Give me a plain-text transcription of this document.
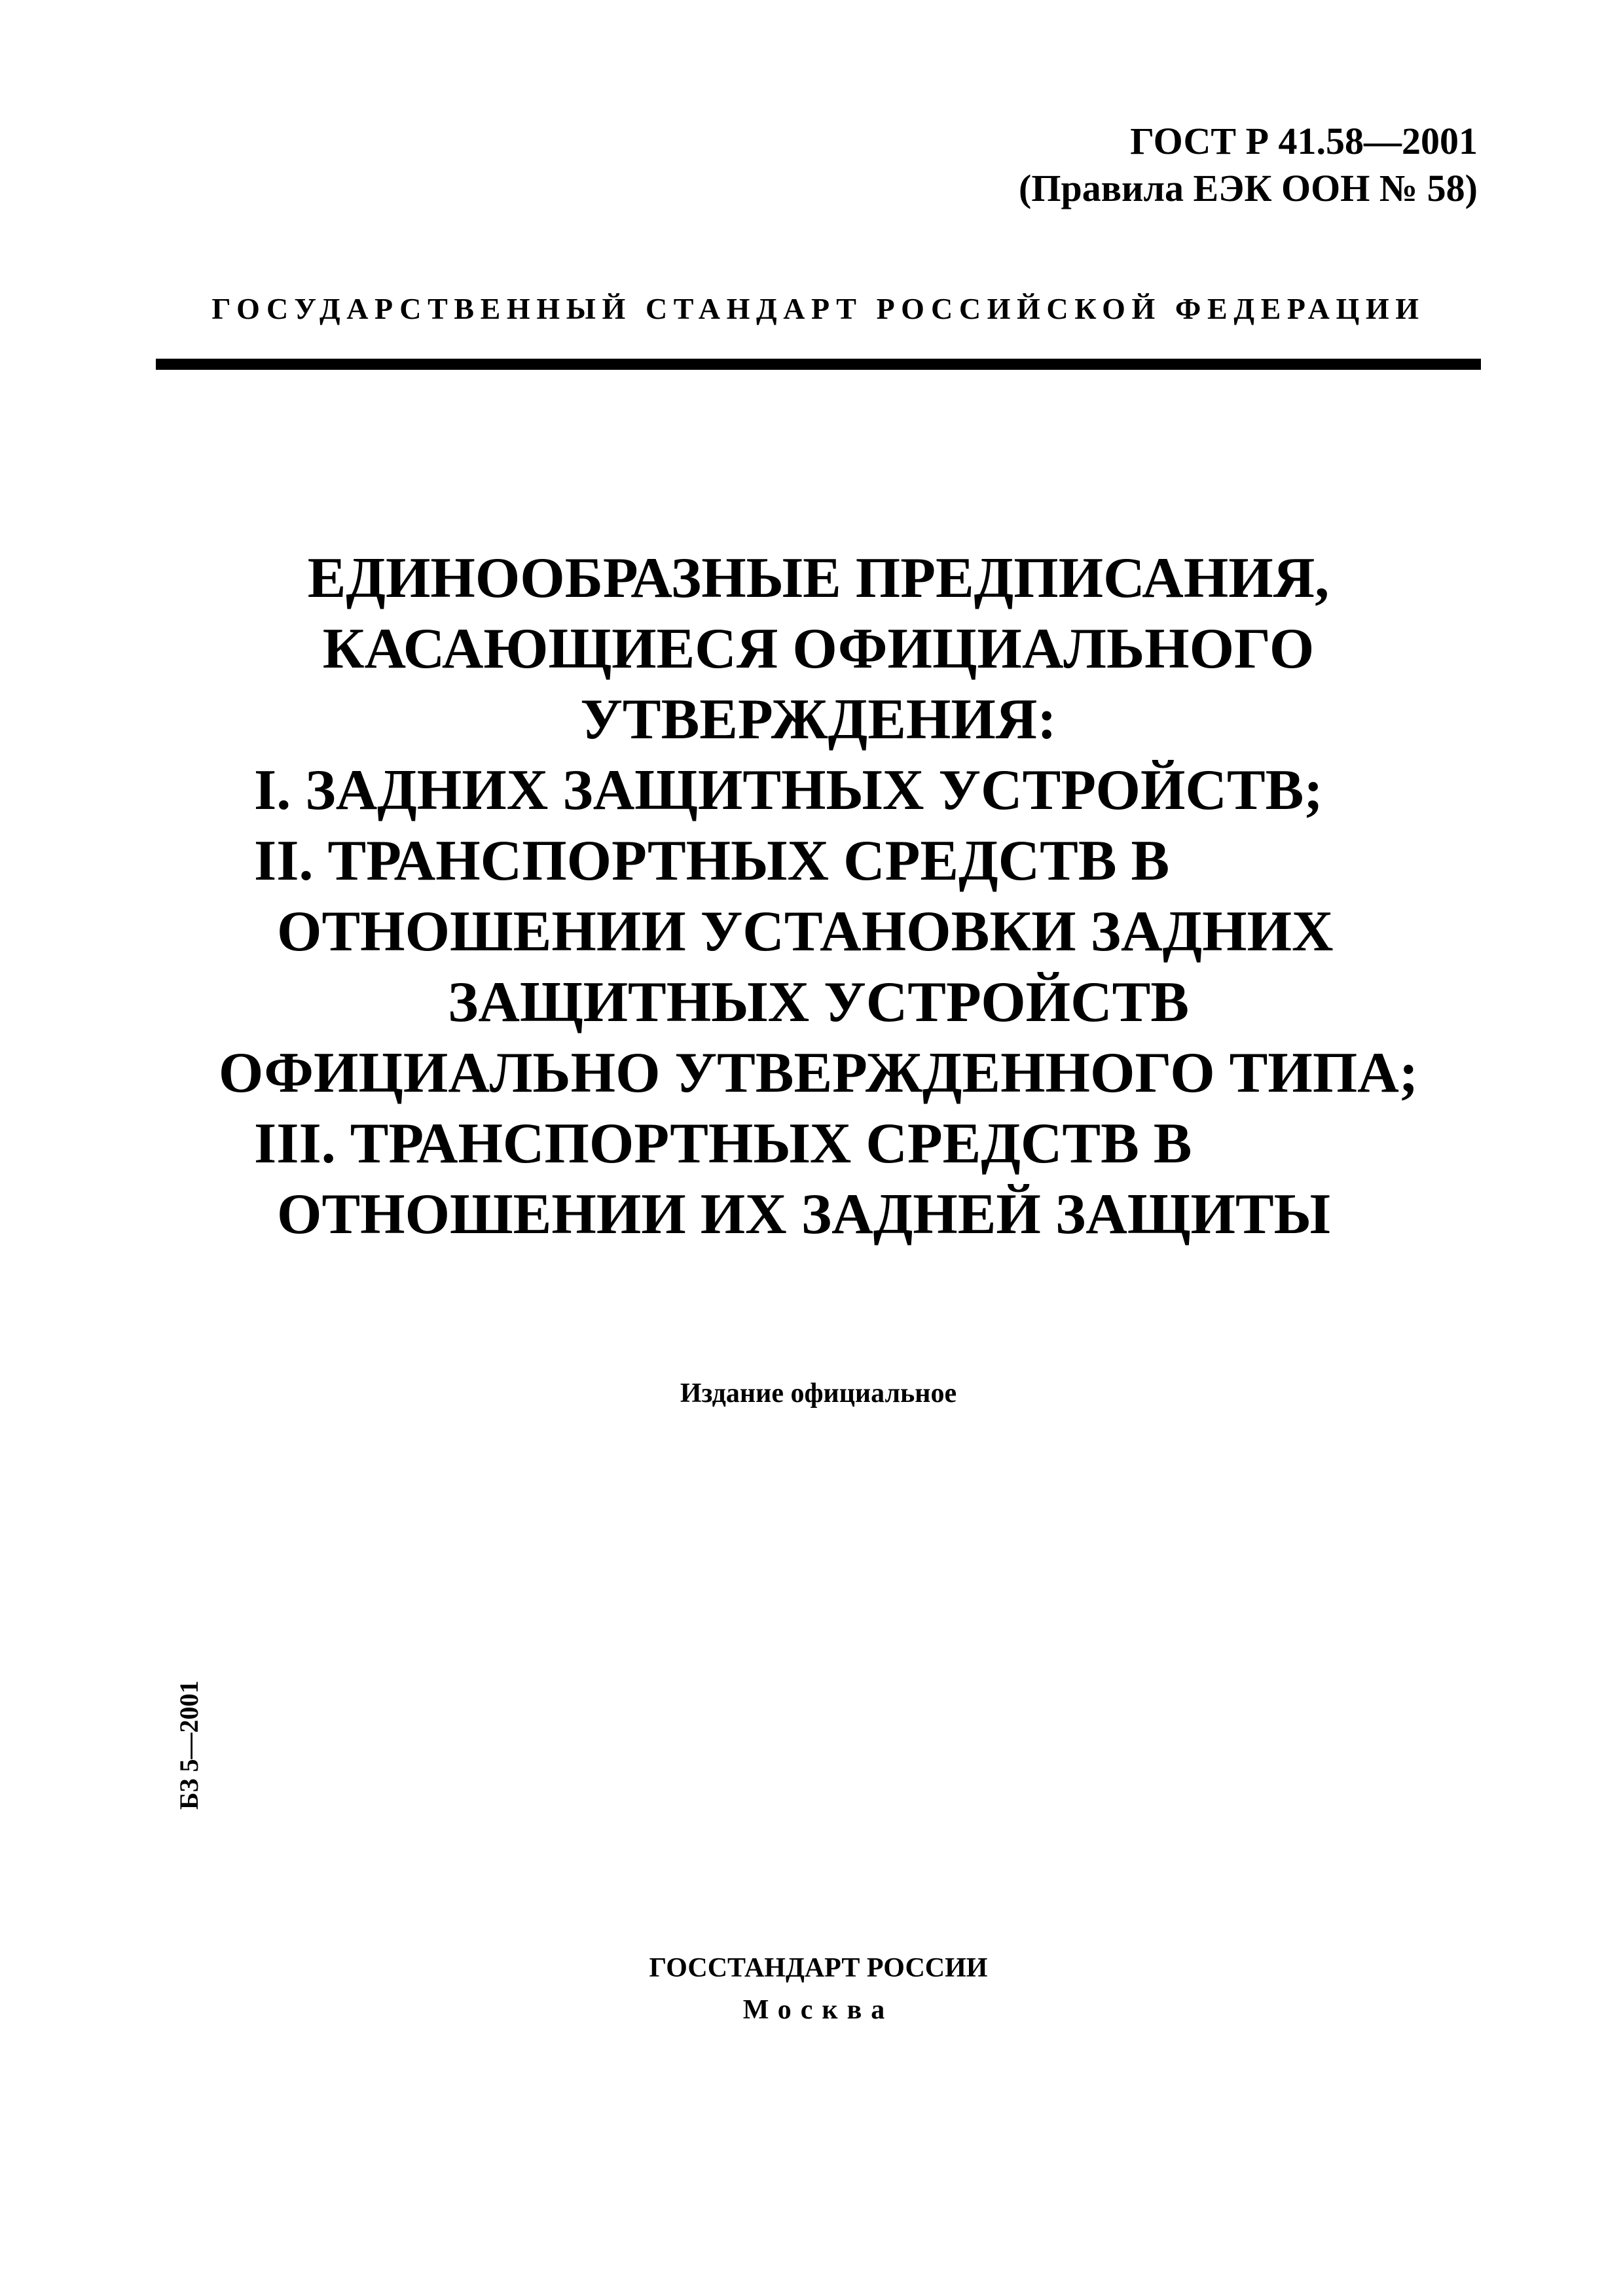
ГОСТ Р 41.58—2001
(Правила ЕЭК ООН № 58)
ГОСУДАРСТВЕННЫЙ СТАНДАРТ РОССИЙСКОЙ ФЕДЕРАЦИИ
ЕДИНООБРАЗНЫЕ ПРЕДПИСАНИЯ,
КАСАЮЩИЕСЯ ОФИЦИАЛЬНОГО
УТВЕРЖДЕНИЯ:
I. ЗАДНИХ ЗАЩИТНЫХ УСТРОЙСТВ;
II. ТРАНСПОРТНЫХ СРЕДСТВ В
ОТНОШЕНИИ УСТАНОВКИ ЗАДНИХ
ЗАЩИТНЫХ УСТРОЙСТВ
ОФИЦИАЛЬНО УТВЕРЖДЕННОГО ТИПА;
III. ТРАНСПОРТНЫХ СРЕДСТВ В
ОТНОШЕНИИ ИХ ЗАДНЕЙ ЗАЩИТЫ
Издание официальное
БЗ 5—2001
ГОССТАНДАРТ РОССИИ
Москва
